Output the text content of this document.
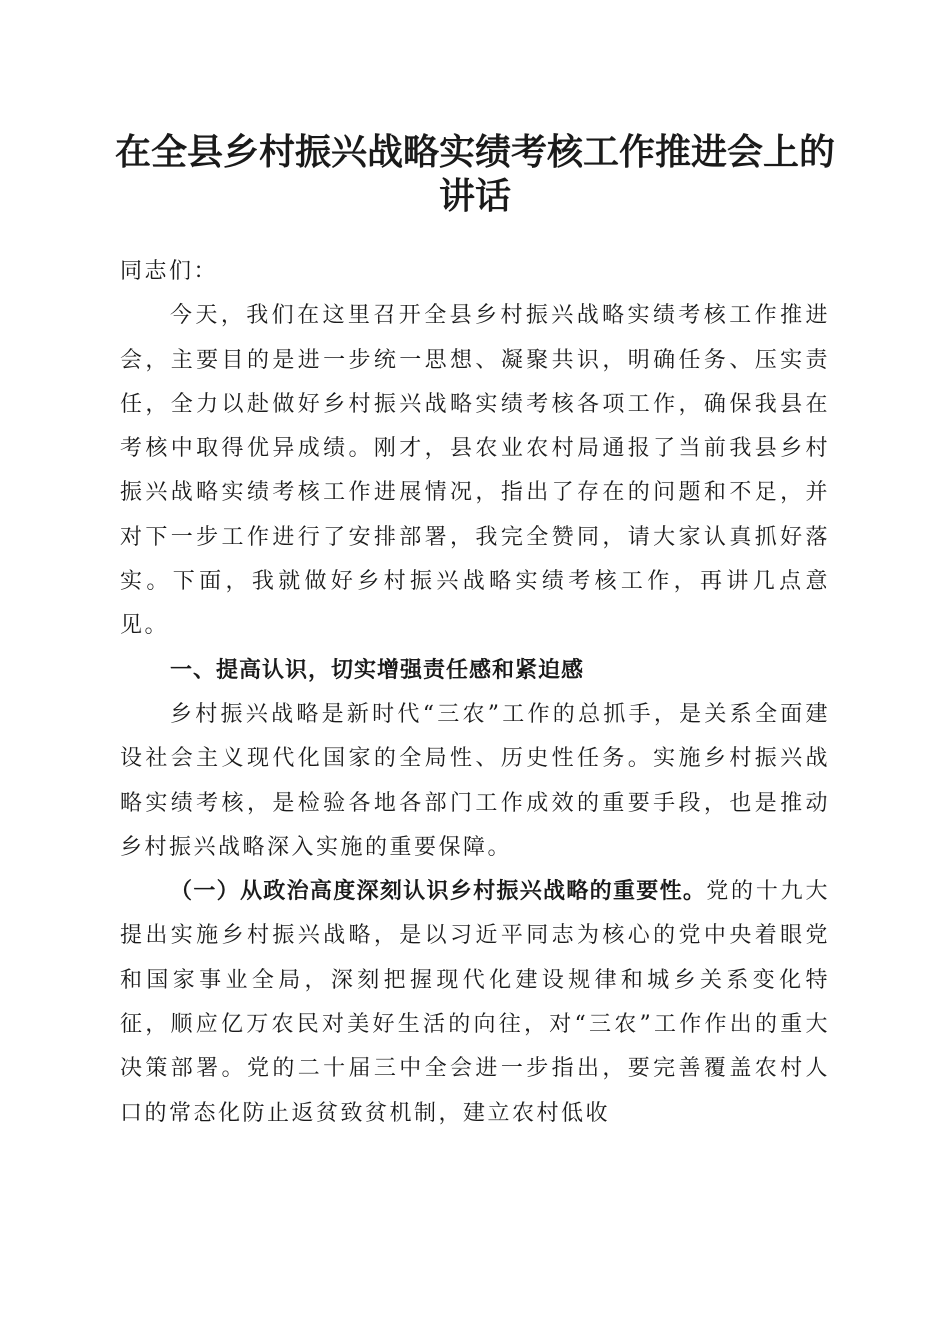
在全县乡村振兴战略实绩考核工作推进会上的
讲话

同志们：

今天，我们在这里召开全县乡村振兴战略实绩考核工作推进会，主要目的是进一步统一思想、凝聚共识，明确任务、压实责任，全力以赴做好乡村振兴战略实绩考核各项工作，确保我县在考核中取得优异成绩。刚才，县农业农村局通报了当前我县乡村振兴战略实绩考核工作进展情况，指出了存在的问题和不足，并对下一步工作进行了安排部署，我完全赞同，请大家认真抓好落实。下面，我就做好乡村振兴战略实绩考核工作，再讲几点意见。

一、提高认识，切实增强责任感和紧迫感

乡村振兴战略是新时代“三农”工作的总抓手，是关系全面建设社会主义现代化国家的全局性、历史性任务。实施乡村振兴战略实绩考核，是检验各地各部门工作成效的重要手段，也是推动乡村振兴战略深入实施的重要保障。

（一）从政治高度深刻认识乡村振兴战略的重要性。党的十九大提出实施乡村振兴战略，是以习近平同志为核心的党中央着眼党和国家事业全局，深刻把握现代化建设规律和城乡关系变化特征，顺应亿万农民对美好生活的向往，对“三农”工作作出的重大决策部署。党的二十届三中全会进一步指出，要完善覆盖农村人口的常态化防止返贫致贫机制，建立农村低收
